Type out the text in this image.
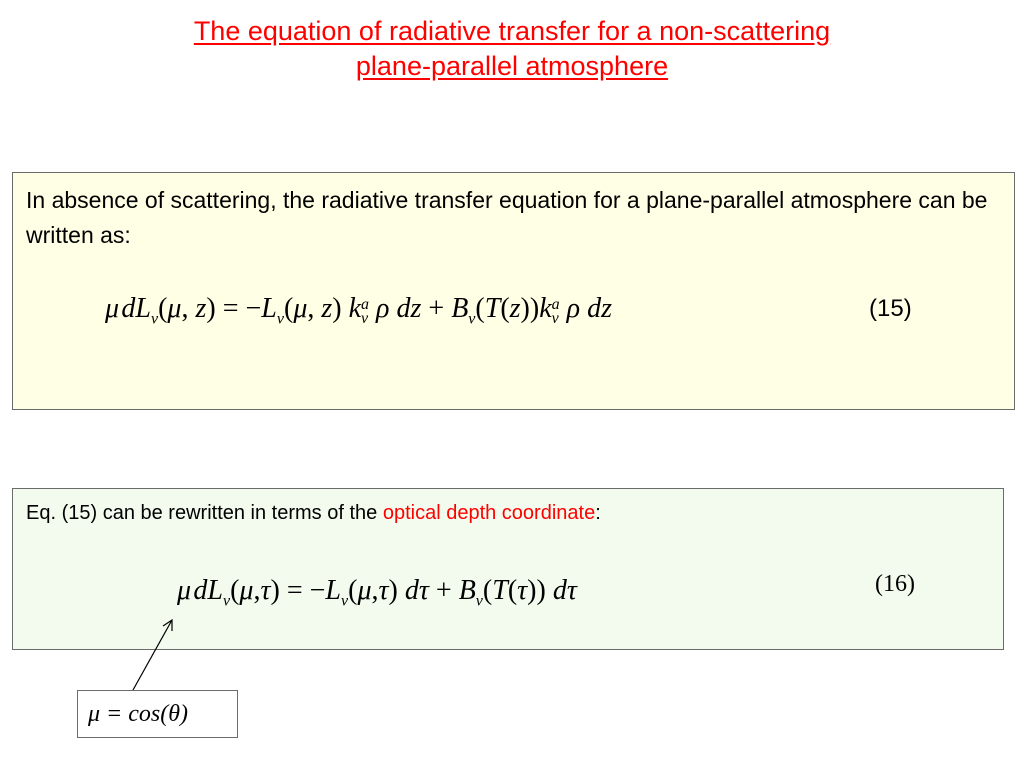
The equation of radiative transfer for a non-scattering
plane-parallel atmosphere
In absence of scattering, the radiative transfer equation for a plane-parallel atmosphere can be written as:
μ $dL_\nu(\mu$, $z) = -L_\nu(\mu$, z) k a
ν ρ dz + $B_\nu(T(z))k$ a
ν ρ dz	(15)
Eq. (15) can be rewritten in terms of the optical depth coordinate:
μ $dL_\nu(\mu,\tau) = -L_\nu(\mu,\tau) d\tau + B_\nu(T(\tau))$ dτ	(16)
μ = cos(θ)
